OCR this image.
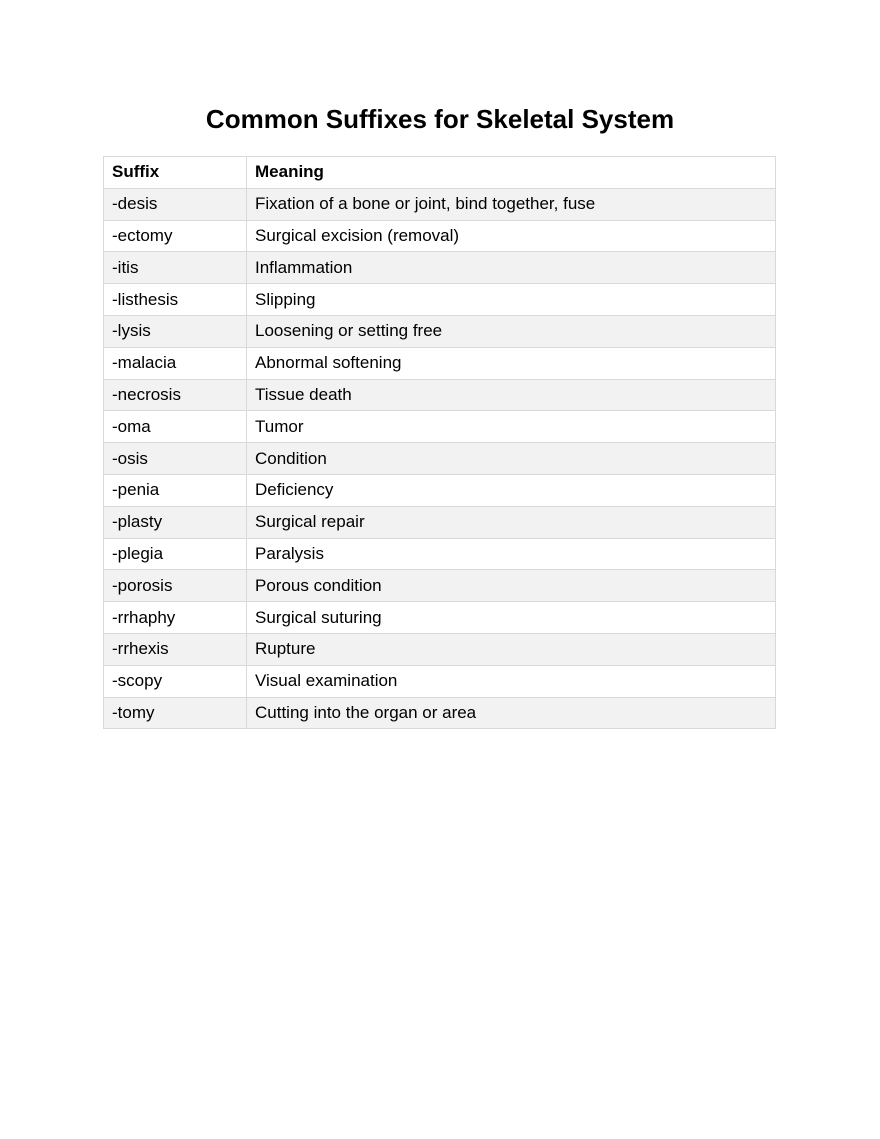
Common Suffixes for Skeletal System
Suffix	Meaning
-desis	Fixation of a bone or joint, bind together, fuse
-ectomy	Surgical excision (removal)
-itis	Inflammation
-listhesis	Slipping
-lysis	Loosening or setting free
-malacia	Abnormal softening
-necrosis	Tissue death
-oma	Tumor
-osis	Condition
-penia	Deficiency
-plasty	Surgical repair
-plegia	Paralysis
-porosis	Porous condition
-rrhaphy	Surgical suturing
-rrhexis	Rupture
-scopy	Visual examination
-tomy	Cutting into the organ or area
